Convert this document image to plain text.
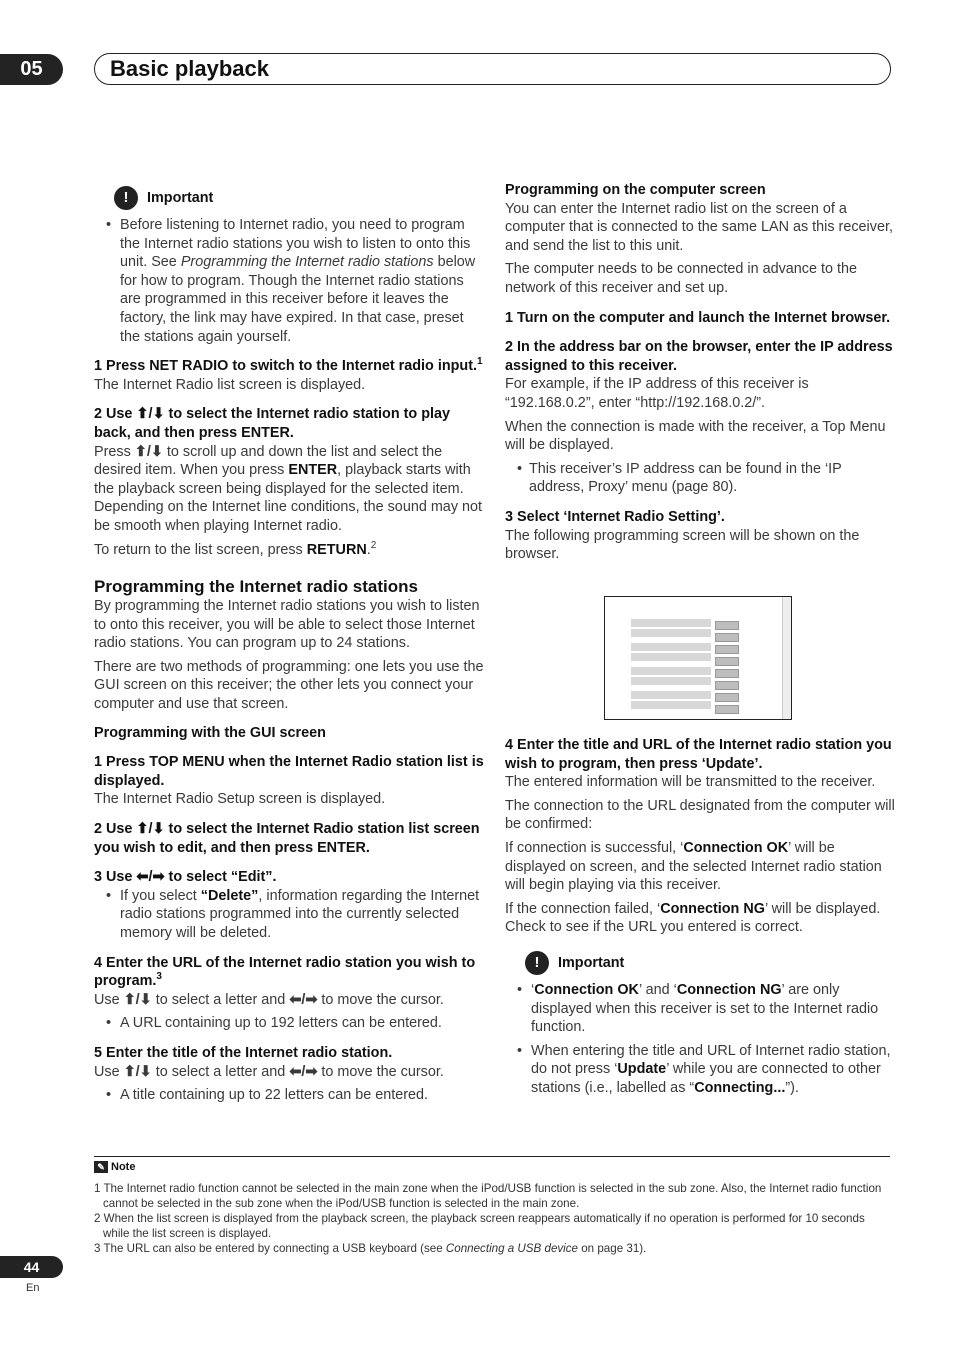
05	Basic playback
!	Important

• Before listening to Internet radio, you need to program the Internet radio stations you wish to listen to onto this unit. See Programming the Internet radio stations below for how to program. Though the Internet radio stations are programmed in this receiver before it leaves the factory, the link may have expired. In that case, preset the stations again yourself.

1 Press NET RADIO to switch to the Internet radio input.$^1$

The Internet Radio list screen is displayed.

2 Use ⬆/⬇ to select the Internet radio station to play back, and then press ENTER.

Press ⬆/⬇ to scroll up and down the list and select the desired item. When you press ENTER, playback starts with the playback screen being displayed for the selected item. Depending on the Internet line conditions, the sound may not be smooth when playing Internet radio.

To return to the list screen, press RETURN.$^2$

Programming the Internet radio stations

By programming the Internet radio stations you wish to listen to onto this receiver, you will be able to select those Internet radio stations. You can program up to 24 stations.

There are two methods of programming: one lets you use the GUI screen on this receiver; the other lets you connect your computer and use that screen.

Programming with the GUI screen

1 Press TOP MENU when the Internet Radio station list is displayed.

The Internet Radio Setup screen is displayed.

2 Use ⬆/⬇ to select the Internet Radio station list screen you wish to edit, and then press ENTER.

3 Use ⬅/➡ to select “Edit”.

• If you select “Delete”, information regarding the Internet radio stations programmed into the currently selected memory will be deleted.

4 Enter the URL of the Internet radio station you wish to program.$^3$

Use ⬆/⬇ to select a letter and ⬅/➡ to move the cursor.

• A URL containing up to 192 letters can be entered.

5 Enter the title of the Internet radio station.

Use ⬆/⬇ to select a letter and ⬅/➡ to move the cursor.

• A title containing up to 22 letters can be entered.

Programming on the computer screen

You can enter the Internet radio list on the screen of a computer that is connected to the same LAN as this receiver, and send the list to this unit.

The computer needs to be connected in advance to the network of this receiver and set up.

1 Turn on the computer and launch the Internet browser.

2 In the address bar on the browser, enter the IP address assigned to this receiver.

For example, if the IP address of this receiver is “192.168.0.2”, enter “http://192.168.0.2/”.

When the connection is made with the receiver, a Top Menu will be displayed.

• This receiver’s IP address can be found in the ‘IP address, Proxy’ menu (page 80).

3 Select ‘Internet Radio Setting’.

The following programming screen will be shown on the browser.

4 Enter the title and URL of the Internet radio station you wish to program, then press ‘Update’.

The entered information will be transmitted to the receiver.

The connection to the URL designated from the computer will be confirmed:

If connection is successful, ‘Connection OK’ will be displayed on screen, and the selected Internet radio station will begin playing via this receiver.

If the connection failed, ‘Connection NG’ will be displayed. Check to see if the URL you entered is correct.

!	Important

• ‘Connection OK’ and ‘Connection NG’ are only displayed when this receiver is set to the Internet radio function.

• When entering the title and URL of Internet radio station, do not press ‘Update’ while you are connected to other stations (i.e., labelled as “Connecting...”).

✎ Note

1 The Internet radio function cannot be selected in the main zone when the iPod/USB function is selected in the sub zone. Also, the Internet radio function cannot be selected in the sub zone when the iPod/USB function is selected in the main zone.

2 When the list screen is displayed from the playback screen, the playback screen reappears automatically if no operation is performed for 10 seconds while the list screen is displayed.

3 The URL can also be entered by connecting a USB keyboard (see Connecting a USB device on page 31).

44
En
